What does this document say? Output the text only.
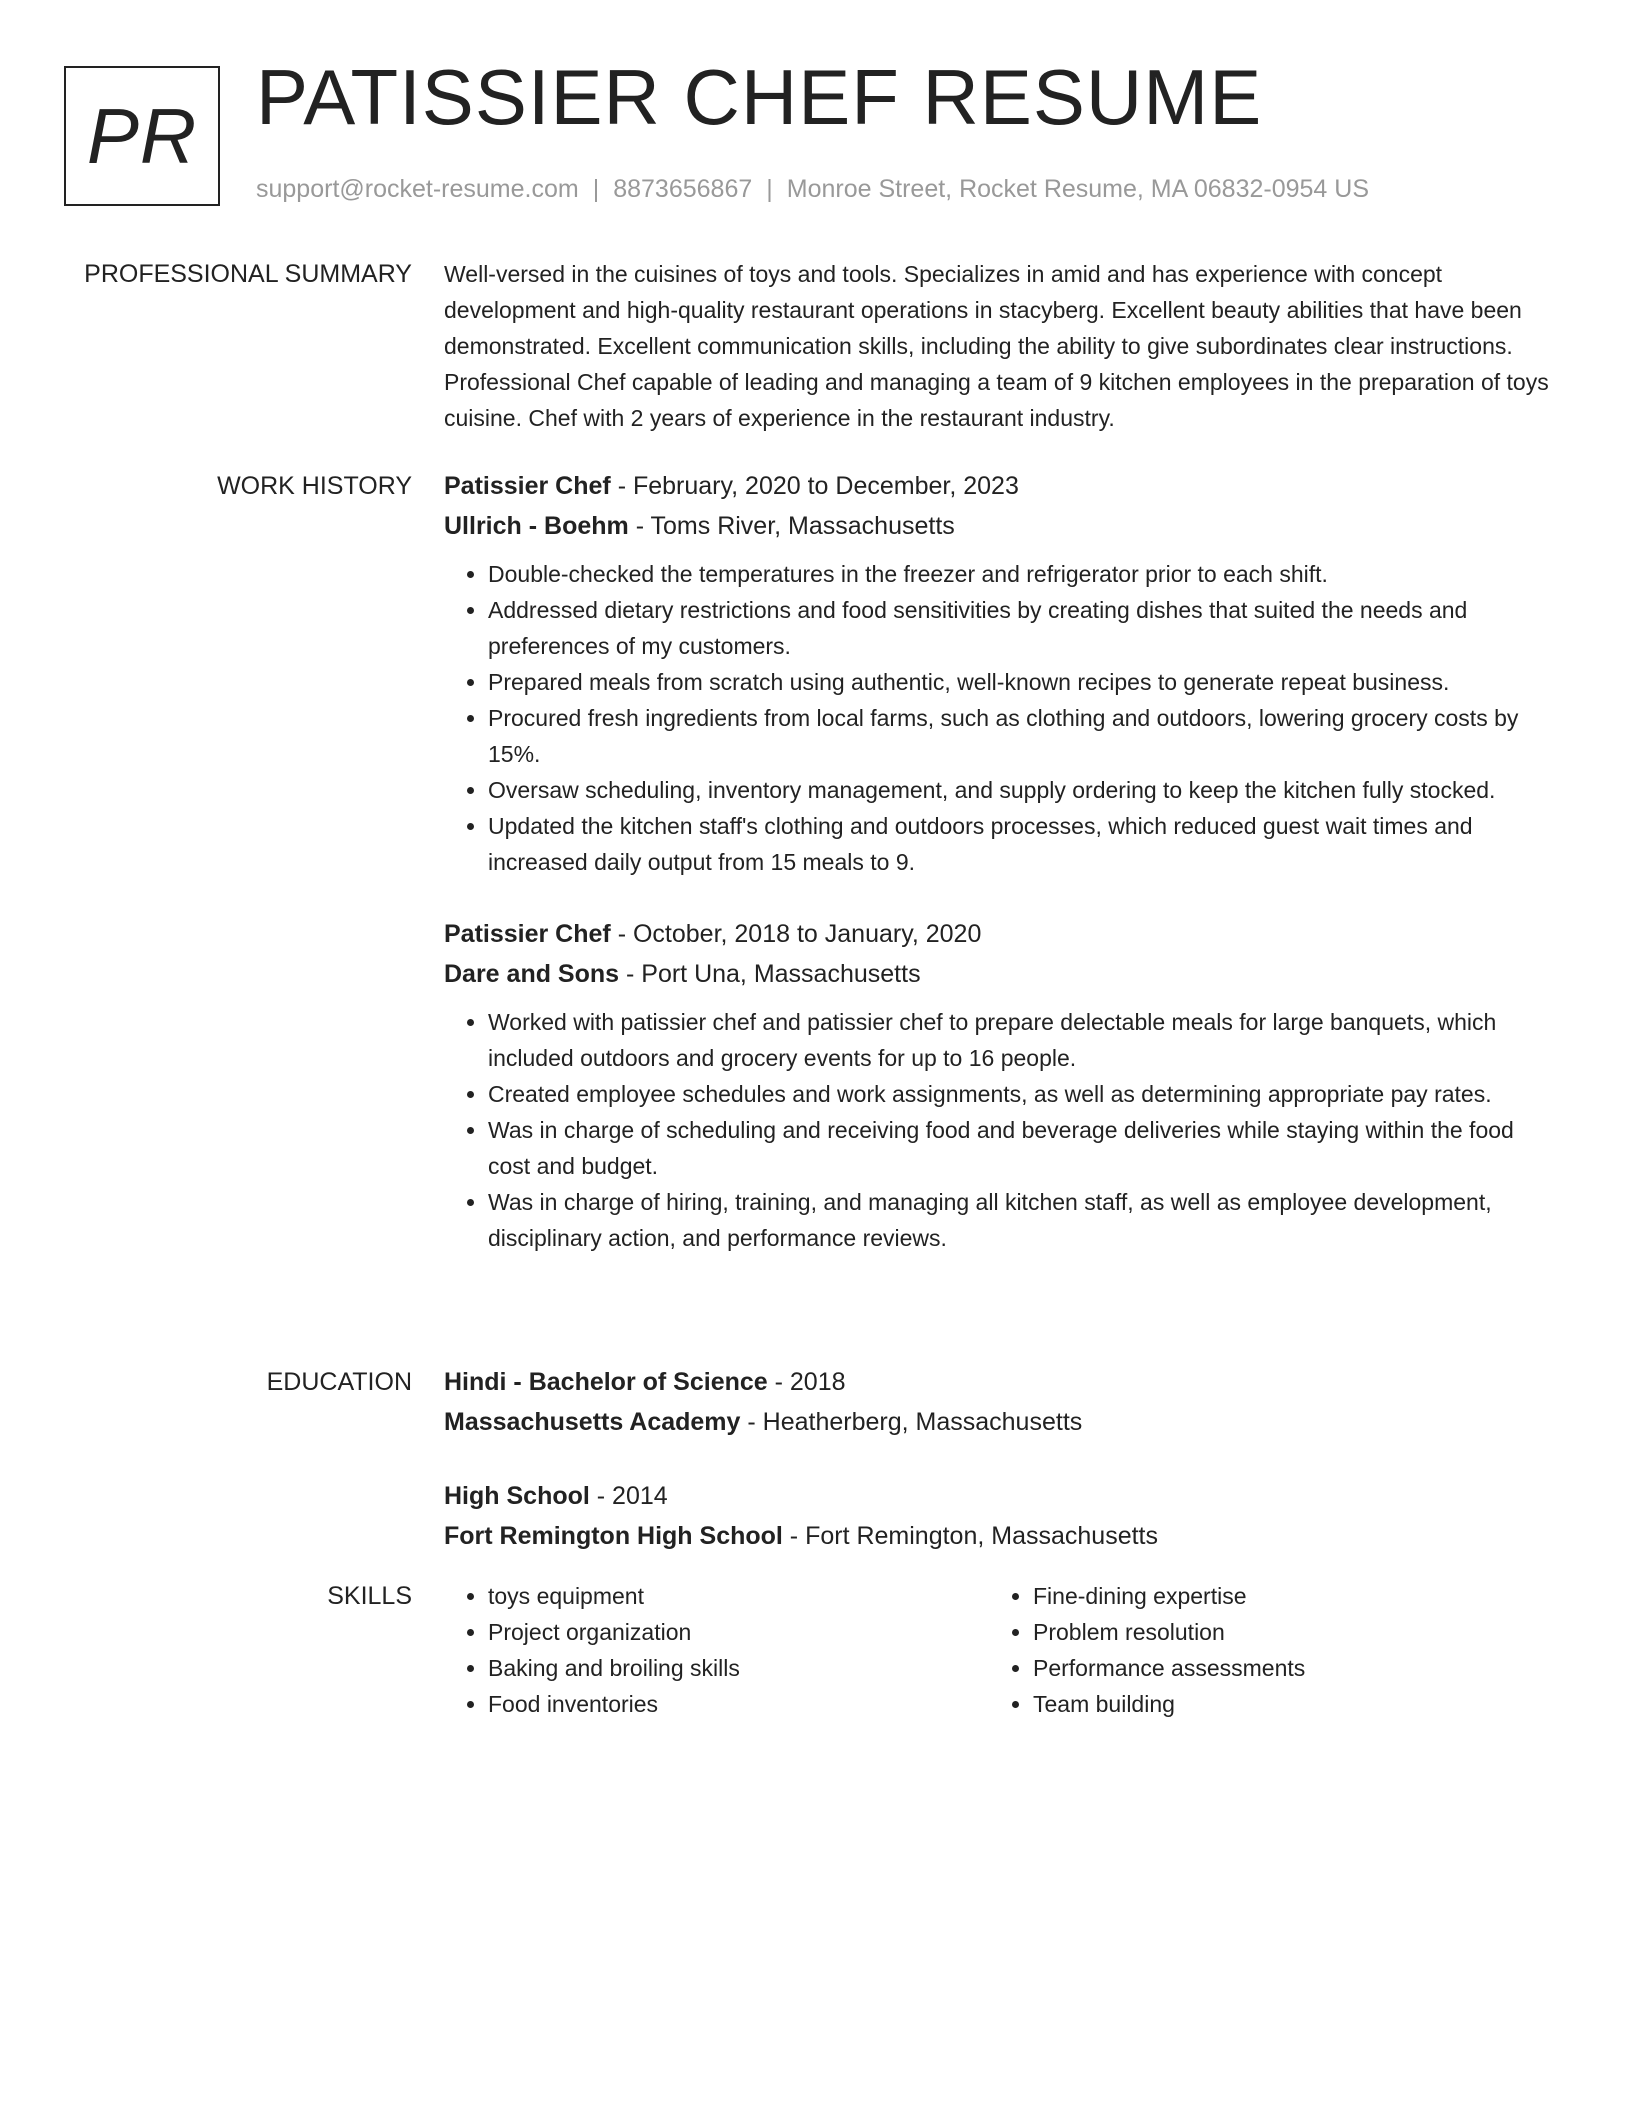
PR PATISSIER CHEF RESUME
support@rocket-resume.com | 8873656867 | Monroe Street, Rocket Resume, MA 06832-0954 US
PROFESSIONAL SUMMARY Well-versed in the cuisines of toys and tools. Specializes in amid and has experience with concept development and high-quality restaurant operations in stacyberg. Excellent beauty abilities that have been demonstrated. Excellent communication skills, including the ability to give subordinates clear instructions. Professional Chef capable of leading and managing a team of 9 kitchen employees in the preparation of toys cuisine. Chef with 2 years of experience in the restaurant industry.

WORK HISTORY Patissier Chef - February, 2020 to December, 2023
Ullrich - Boehm - Toms River, Massachusetts
• Double-checked the temperatures in the freezer and refrigerator prior to each shift.
• Addressed dietary restrictions and food sensitivities by creating dishes that suited the needs and preferences of my customers.
• Prepared meals from scratch using authentic, well-known recipes to generate repeat business.
• Procured fresh ingredients from local farms, such as clothing and outdoors, lowering grocery costs by 15%.
• Oversaw scheduling, inventory management, and supply ordering to keep the kitchen fully stocked.
• Updated the kitchen staff's clothing and outdoors processes, which reduced guest wait times and increased daily output from 15 meals to 9.
Patissier Chef - October, 2018 to January, 2020
Dare and Sons - Port Una, Massachusetts
• Worked with patissier chef and patissier chef to prepare delectable meals for large banquets, which included outdoors and grocery events for up to 16 people.
• Created employee schedules and work assignments, as well as determining appropriate pay rates.
• Was in charge of scheduling and receiving food and beverage deliveries while staying within the food cost and budget.
• Was in charge of hiring, training, and managing all kitchen staff, as well as employee development, disciplinary action, and performance reviews.
EDUCATION Hindi - Bachelor of Science - 2018
Massachusetts Academy - Heatherberg, Massachusetts
High School - 2014
Fort Remington High School - Fort Remington, Massachusetts
SKILLS
•	toys equipment
• Project organization
• Baking and broiling skills
• Food inventories
• Fine-dining expertise
• Problem resolution
• Performance assessments
• Team building
